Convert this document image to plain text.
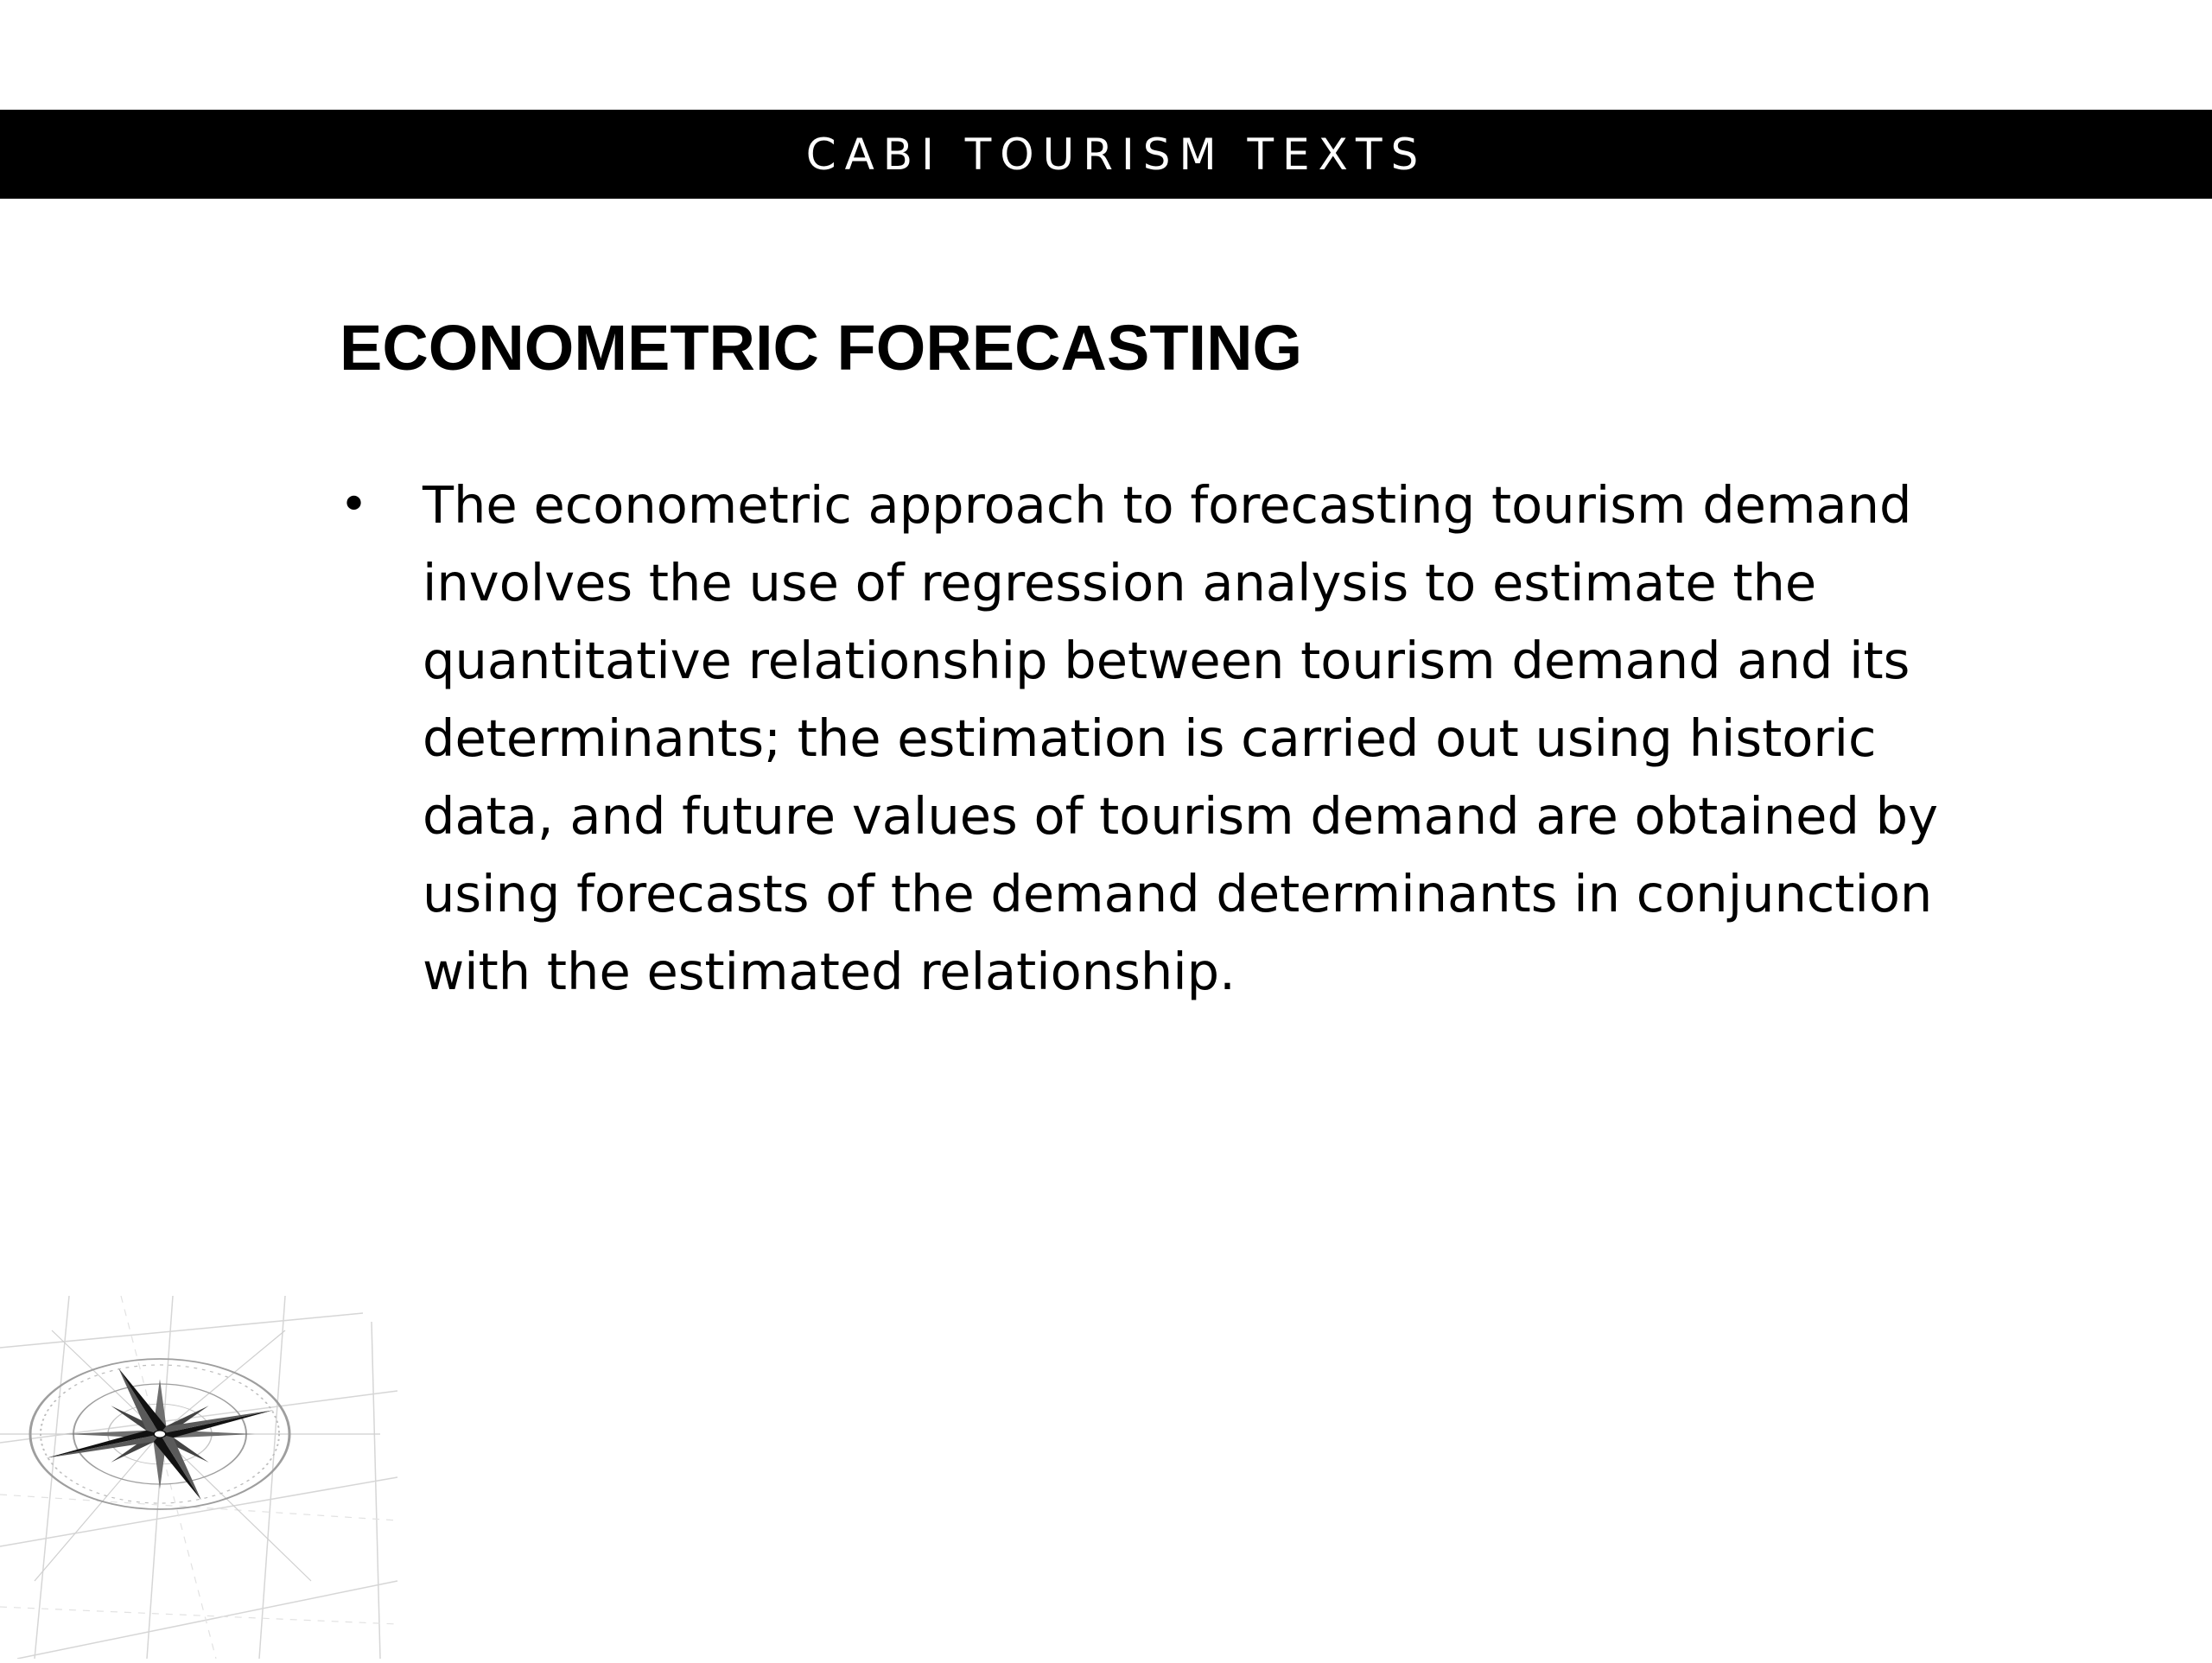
CABI TOURISM TEXTS
ECONOMETRIC FORECASTING
•	The econometric approach to forecasting tourism demand involves the use of regression analysis to estimate the quantitative relationship between tourism demand and its determinants; the estimation is carried out using historic data, and future values of tourism demand are obtained by using forecasts of the demand determinants in conjunction with the estimated relationship.
